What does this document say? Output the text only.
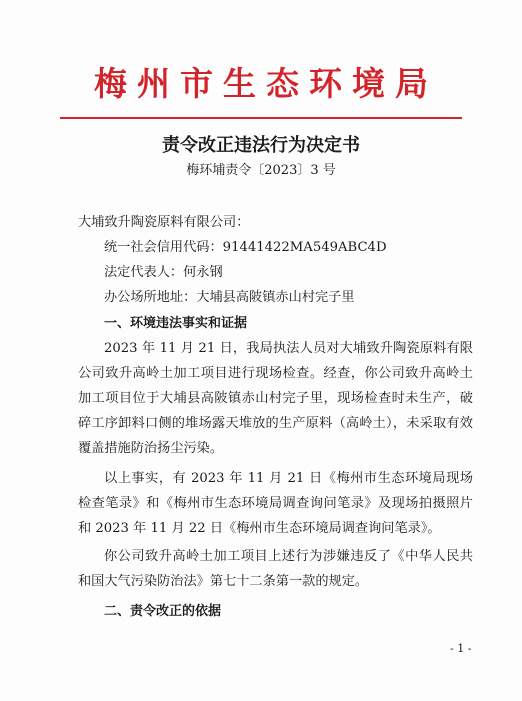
梅州市生态环境局
责令改正违法行为决定书
梅环埔责令〔2023〕3 号
大埔致升陶瓷原料有限公司：
统一社会信用代码：91441422MA549ABC4D
法定代表人：何永钢
办公场所地址：大埔县高陂镇赤山村完子里
一、环境违法事实和证据
2023 年 11 月 21 日，我局执法人员对大埔致升陶瓷原料有限公司致升高岭土加工项目进行现场检查。经查，你公司致升高岭土加工项目位于大埔县高陂镇赤山村完子里，现场检查时未生产，破碎工序卸料口侧的堆场露天堆放的生产原料（高岭土），未采取有效覆盖措施防治扬尘污染。
以上事实，有 2023 年 11 月 21 日《梅州市生态环境局现场检查笔录》和《梅州市生态环境局调查询问笔录》及现场拍摄照片和 2023 年 11 月 22 日《梅州市生态环境局调查询问笔录》。
你公司致升高岭土加工项目上述行为涉嫌违反了《中华人民共和国大气污染防治法》第七十二条第一款的规定。
二、责令改正的依据
- 1 -
